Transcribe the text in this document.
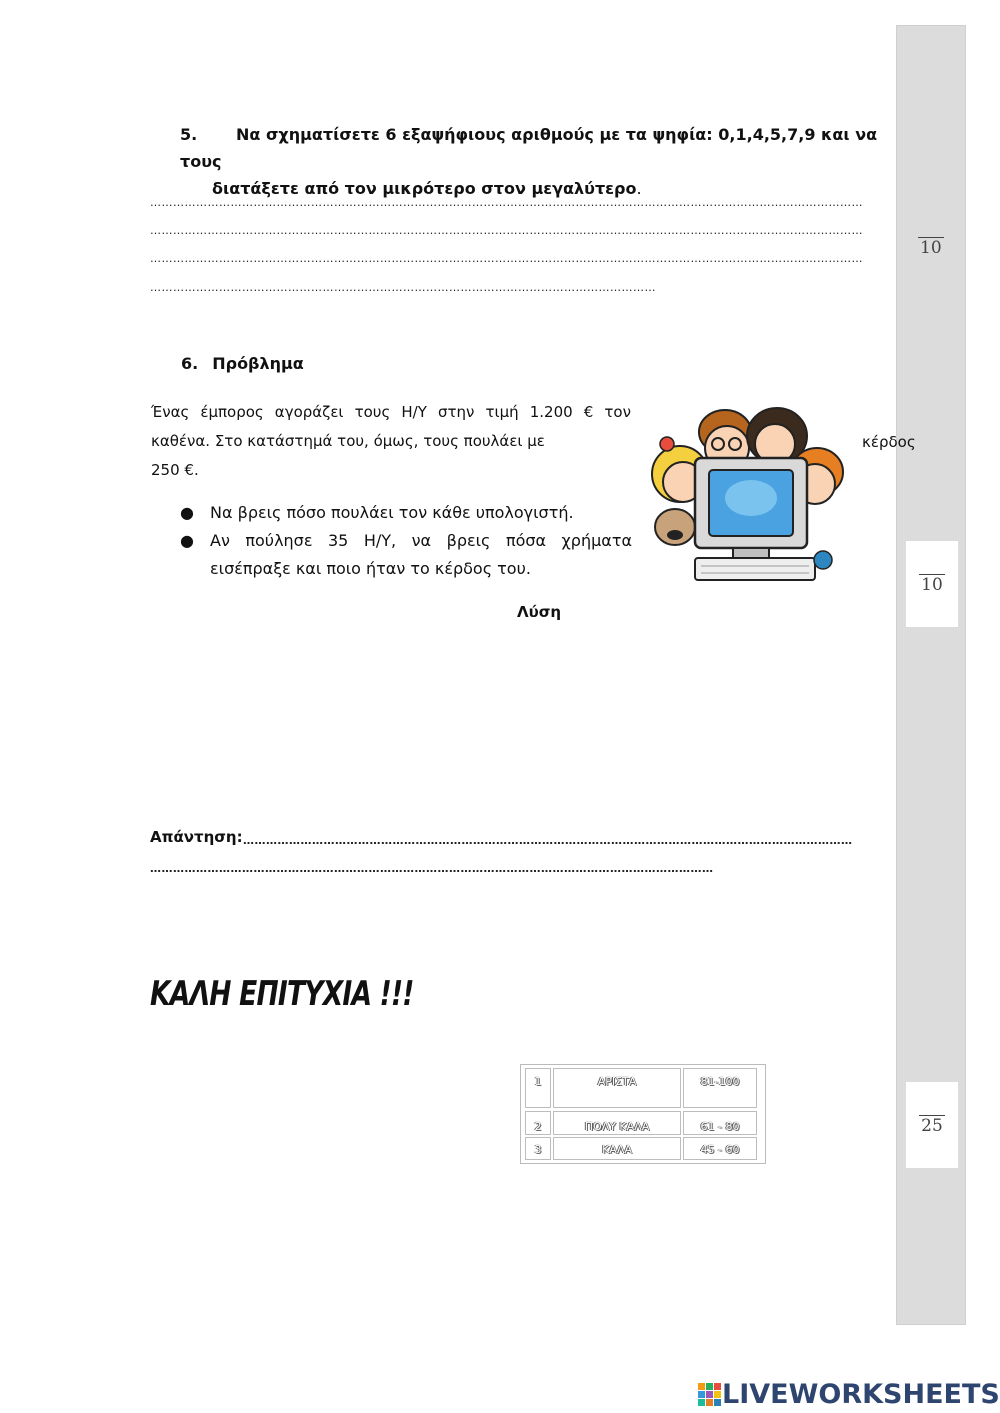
10
10
25
5. Να σχηματίσετε 6 εξαψήφιους αριθμούς με τα ψηφία: 0,1,4,5,7,9 και να τους
διατάξετε από τον μικρότερο στον μεγαλύτερο.
……………………………………………………………………………………………………………………………………………………………………
……………………………………………………………………………………………………………………………………………………………………
……………………………………………………………………………………………………………………………………………………………………
……………………………………………………………………………………………………………………
6. Πρόβλημα
Ένας έμπορος αγοράζει τους Η/Υ στην τιμή 1.200 € τον καθένα. Στο κατάστημά του, όμως, τους πουλάει με
250 €.
κέρδος
●	Να βρεις πόσο πουλάει τον κάθε υπολογιστή.
●	Αν πούλησε 35 Η/Υ, να βρεις πόσα χρήματα εισέπραξε και ποιο ήταν το κέρδος του.
Λύση
Απάντηση: ……………………………………………………………………………………………………………………………………………
…………………………………………………………………………………………………………………………………
ΚΑΛΗ ΕΠΙΤΥΧΙΑ !!!
1	ΑΡΙΣΤΑ	81-100
2	ΠΟΛΥ ΚΑΛΑ	61 - 80
3	ΚΑΛΑ	45 - 60
LIVEWORKSHEETS
